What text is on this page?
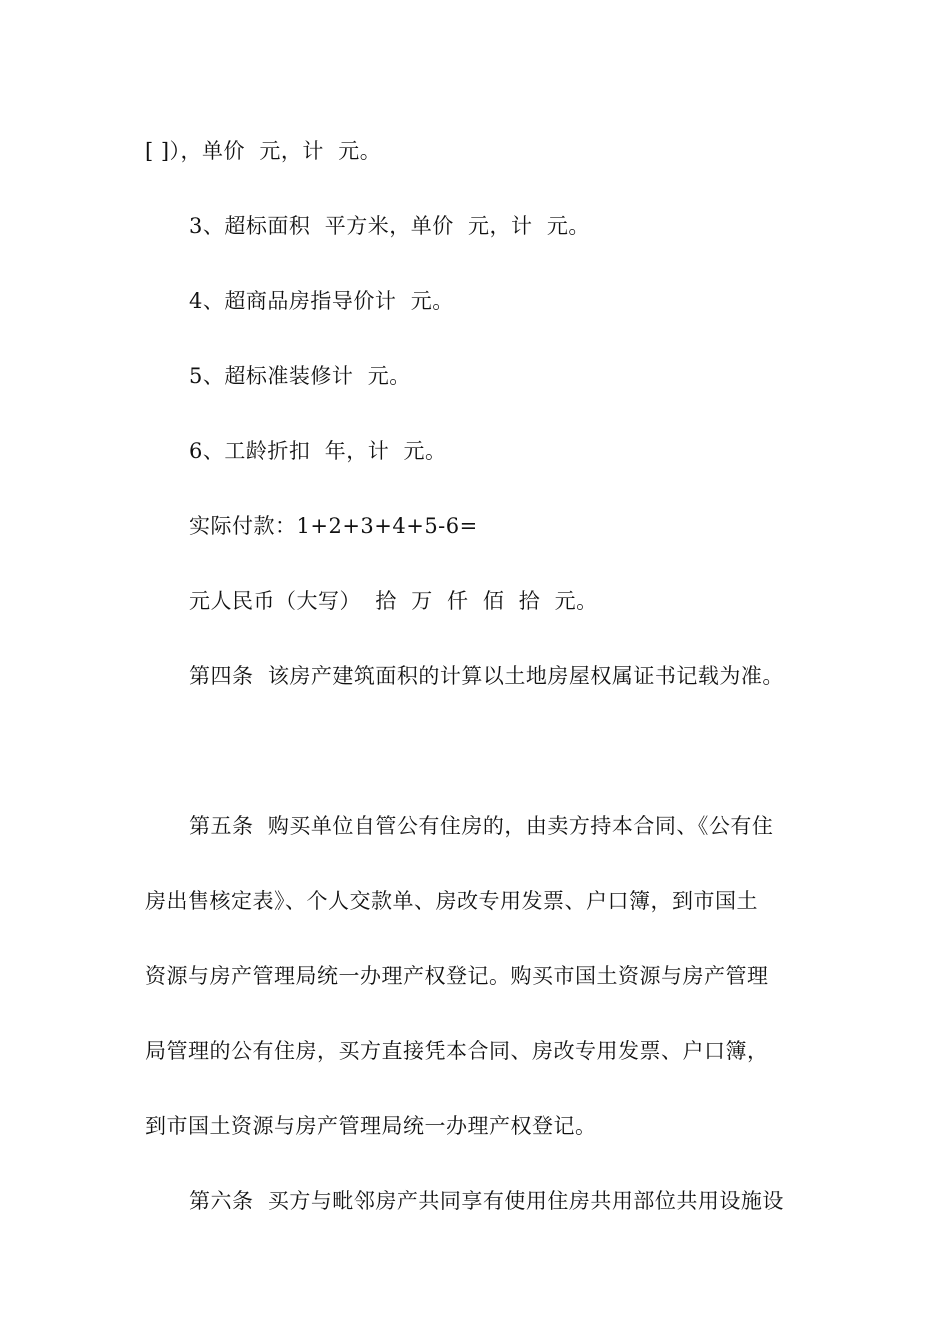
[ ]），单价  元，计  元。
3、超标面积  平方米，单价  元，计  元。
4、超商品房指导价计  元。
5、超标准装修计  元。
6、工龄折扣  年，计  元。
实际付款：1+2+3+4+5-6=
元人民币（大写）  拾  万  仟  佰  拾  元。
第四条  该房产建筑面积的计算以土地房屋权属证书记载为准。
第五条  购买单位自管公有住房的，由卖方持本合同、《公有住
房出售核定表》、个人交款单、房改专用发票、户口簿，到市国土
资源与房产管理局统一办理产权登记。购买市国土资源与房产管理
局管理的公有住房，买方直接凭本合同、房改专用发票、户口簿，
到市国土资源与房产管理局统一办理产权登记。
第六条  买方与毗邻房产共同享有使用住房共用部位共用设施设
